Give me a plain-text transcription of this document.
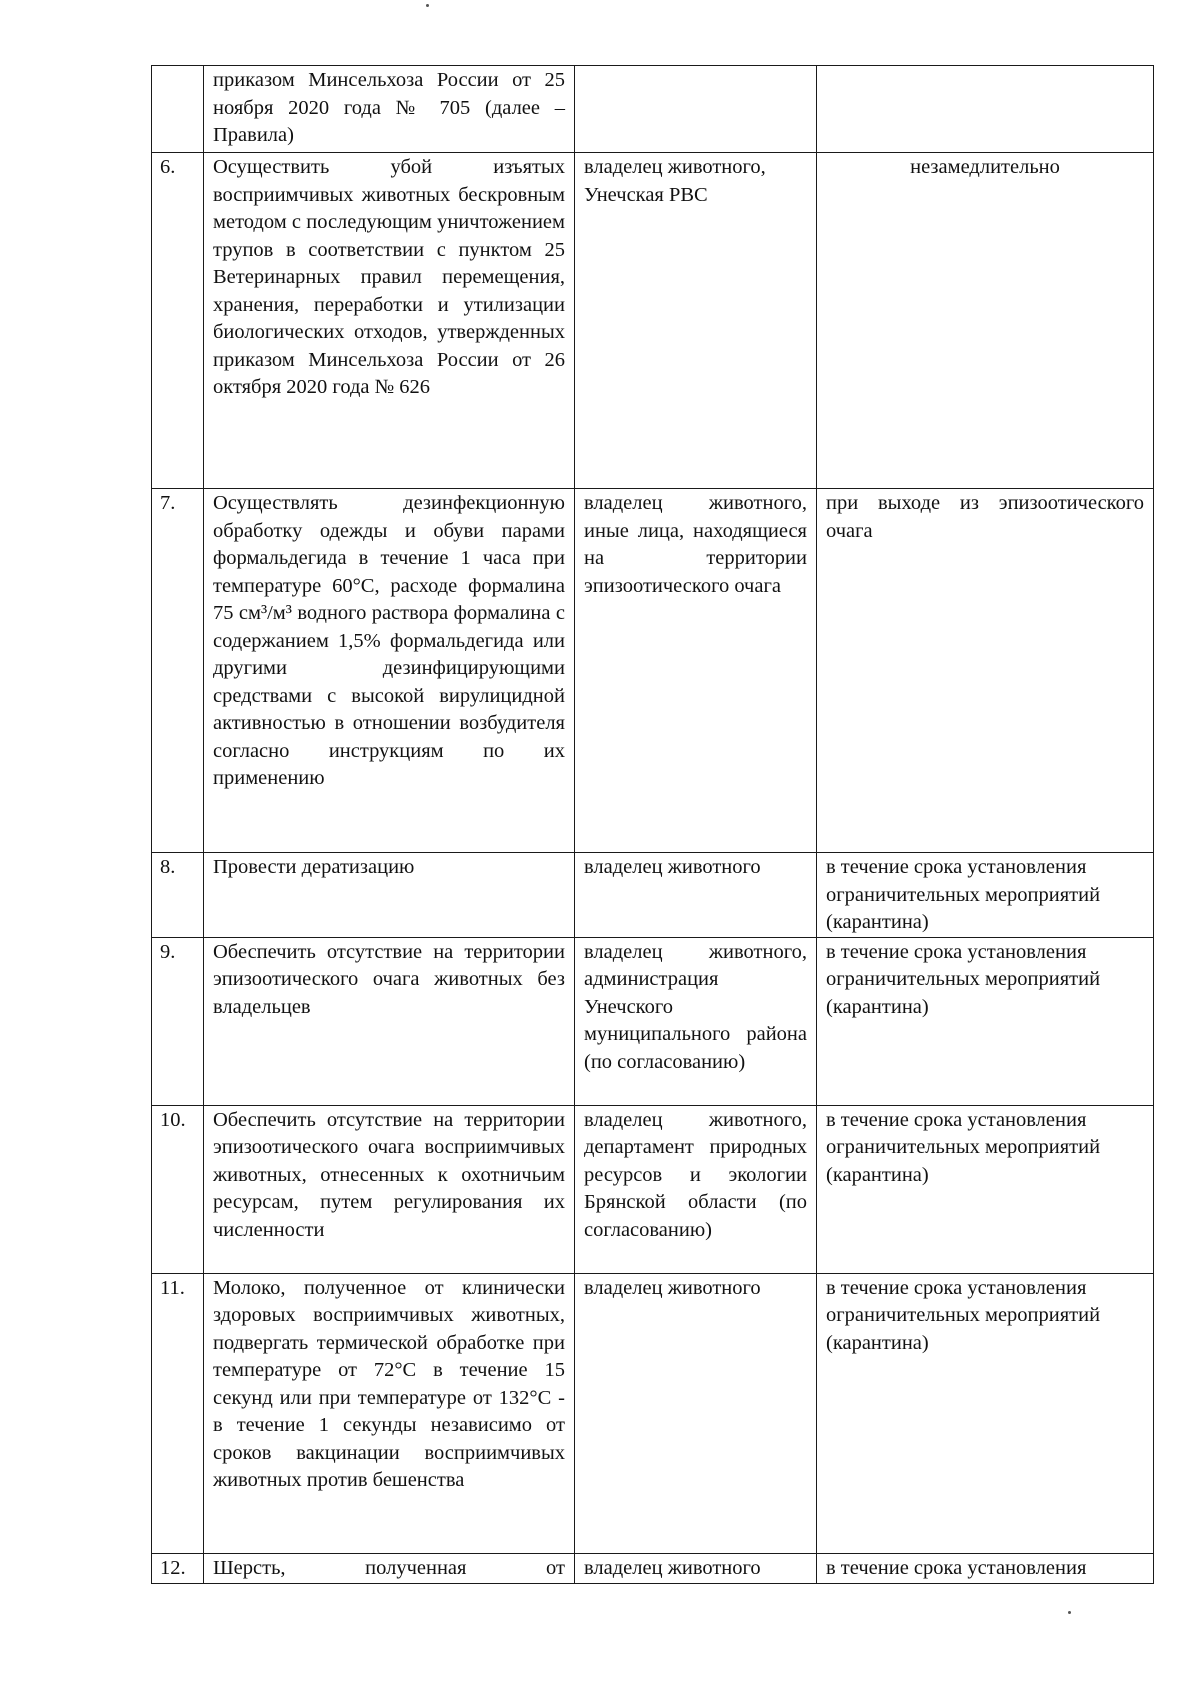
	приказом Минсельхоза России от 25 ноября 2020 года № 705 (далее – Правила)		
6.	Осуществить убой изъятых восприимчивых животных бескровным методом с последующим уничтожением трупов в соответствии с пунктом 25 Ветеринарных правил перемещения, хранения, переработки и утилизации биологических отходов, утвержденных приказом Минсельхоза России от 26 октября 2020 года № 626	владелец животного, Унечская РВС	незамедлительно
7.	Осуществлять дезинфекционную обработку одежды и обуви парами формальдегида в течение 1 часа при температуре 60°С, расходе формалина 75 см³/м³ водного раствора формалина с содержанием 1,5% формальдегида или другими дезинфицирующими средствами с высокой вирулицидной активностью в отношении возбудителя согласно инструкциям по их применению	владелец животного, иные лица, находящиеся на территории эпизоотического очага	при выходе из эпизоотического очага
8.	Провести дератизацию	владелец животного	в течение срока установления ограничительных мероприятий (карантина)
9.	Обеспечить отсутствие на территории эпизоотического очага животных без владельцев	владелец животного, администрация Унечского муниципального района (по согласованию)	в течение срока установления ограничительных мероприятий (карантина)
10.	Обеспечить отсутствие на территории эпизоотического очага восприимчивых животных, отнесенных к охотничьим ресурсам, путем регулирования их численности	владелец животного, департамент природных ресурсов и экологии Брянской области (по согласованию)	в течение срока установления ограничительных мероприятий (карантина)
11.	Молоко, полученное от клинически здоровых восприимчивых животных, подвергать термической обработке при температуре от 72°С в течение 15 секунд или при температуре от 132°С - в течение 1 секунды независимо от сроков вакцинации восприимчивых животных против бешенства	владелец животного	в течение срока установления ограничительных мероприятий (карантина)
12.	Шерсть, полученная от	владелец животного	в течение срока установления
